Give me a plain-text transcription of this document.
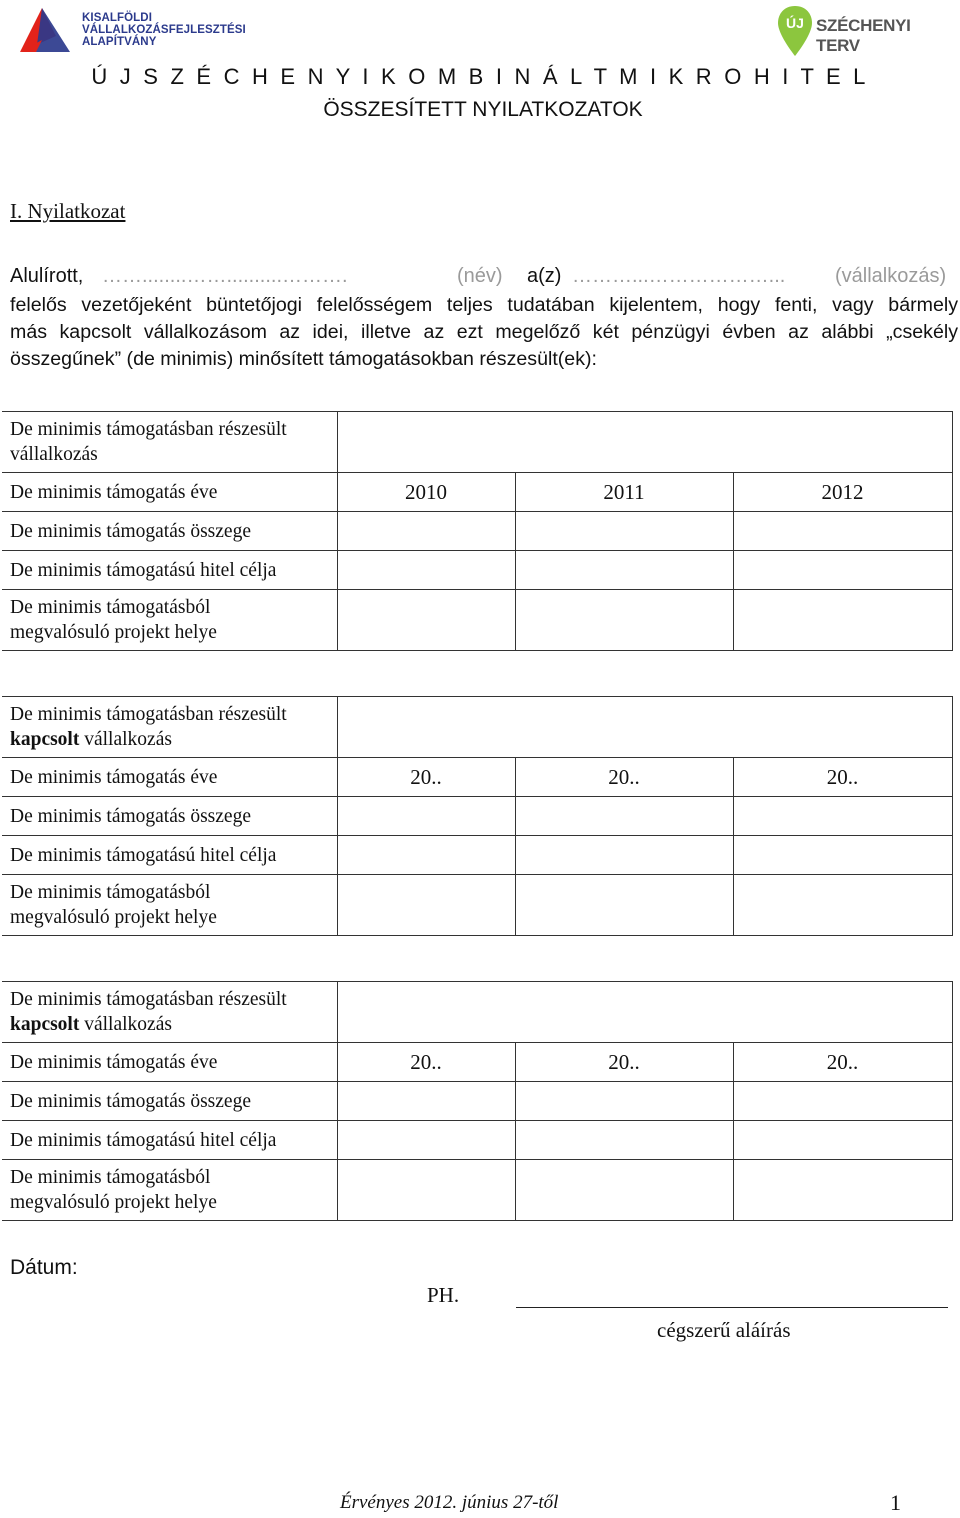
KISALFÖLDI
VÁLLALKOZÁSFEJLESZTÉSI
ALAPÍTVÁNY
ÚJ SZÉCHENYI TERV
Ú J S Z É C H E N Y I K O M B I N Á L T M I K R O H I T E L
ÖSSZESÍTETT NYILATKOZATOK
I. Nyilatkozat
Alulírott, ……........……..........……….	(név) a(z) ………...………………... (vállalkozás)
felelős vezetőjeként büntetőjogi felelősségem teljes tudatában kijelentem, hogy fenti, vagy bármely
más kapcsolt vállalkozásom az idei, illetve az ezt megelőző két pénzügyi évben az alábbi „csekély
összegűnek” (de minimis) minősített támogatásokban részesült(ek):
De minimis támogatásban részesült
vállalkozás			
De minimis támogatás éve	2010	2011	2012
De minimis támogatás összege			
De minimis támogatású hitel célja			
De minimis támogatásból
megvalósuló projekt helye			
De minimis támogatásban részesült
kapcsolt vállalkozás			
De minimis támogatás éve	20..	20..	20..
De minimis támogatás összege			
De minimis támogatású hitel célja			
De minimis támogatásból
megvalósuló projekt helye			
De minimis támogatásban részesült
kapcsolt vállalkozás			
De minimis támogatás éve	20..	20..	20..
De minimis támogatás összege			
De minimis támogatású hitel célja			
De minimis támogatásból
megvalósuló projekt helye			
Dátum:
PH.
cégszerű aláírás
Érvényes 2012. június 27-től	1
